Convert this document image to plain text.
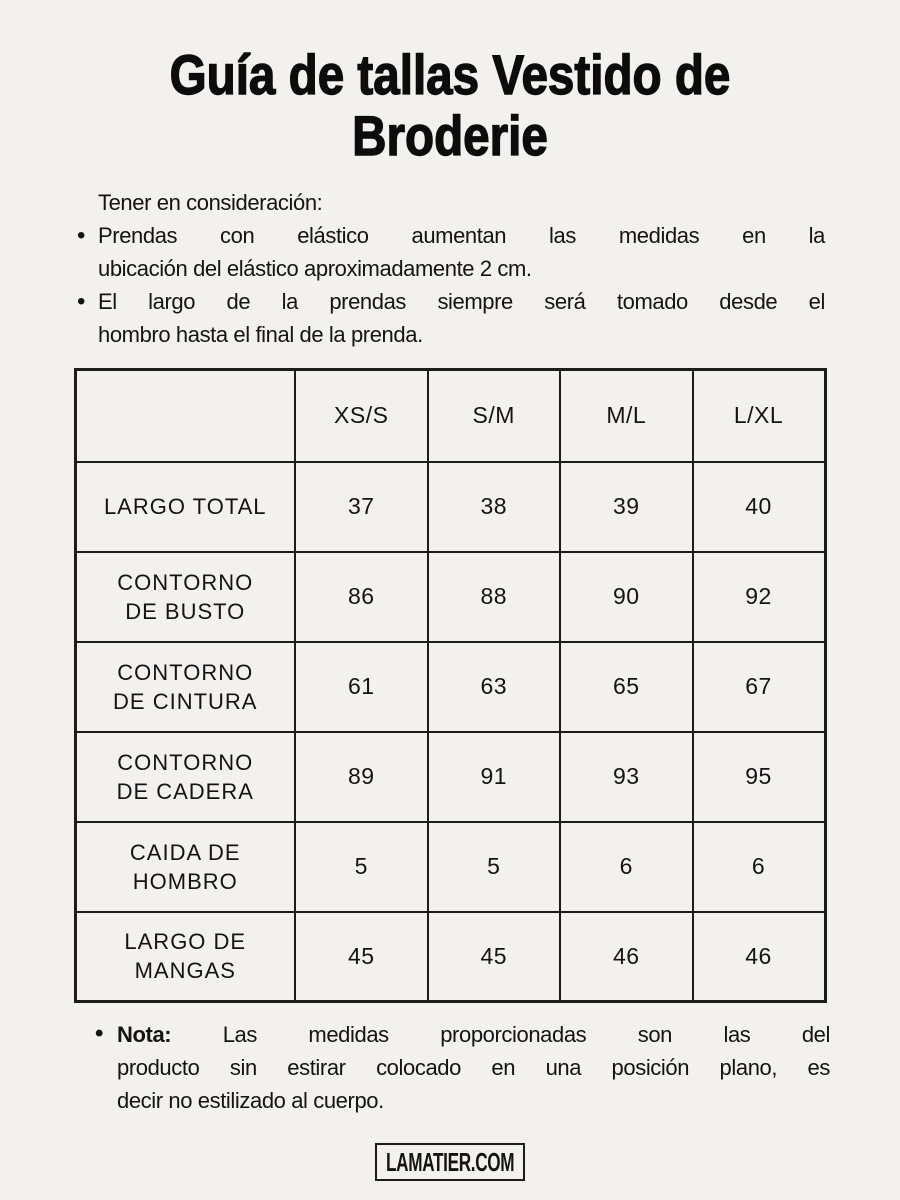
Guía de tallas Vestido de
Broderie

Tener en consideración:

• Prendas con elástico aumentan las medidas en la
ubicación del elástico aproximadamente 2 cm.
• El largo de la prendas siempre será tomado desde el
hombro hasta el final de la prenda.
	XS/S	S/M	M/L	L/XL
LARGO TOTAL	37	38	39	40
CONTORNO DE BUSTO	86	88	90	92
CONTORNO DE CINTURA	61	63	65	67
CONTORNO DE CADERA	89	91	93	95
CAIDA DE HOMBRO	5	5	6	6
LARGO DE MANGAS	45	45	46	46
• Nota: Las medidas proporcionadas son las del
producto sin estirar colocado en una posición plano, es
decir no estilizado al cuerpo.
LAMATIER.COM
